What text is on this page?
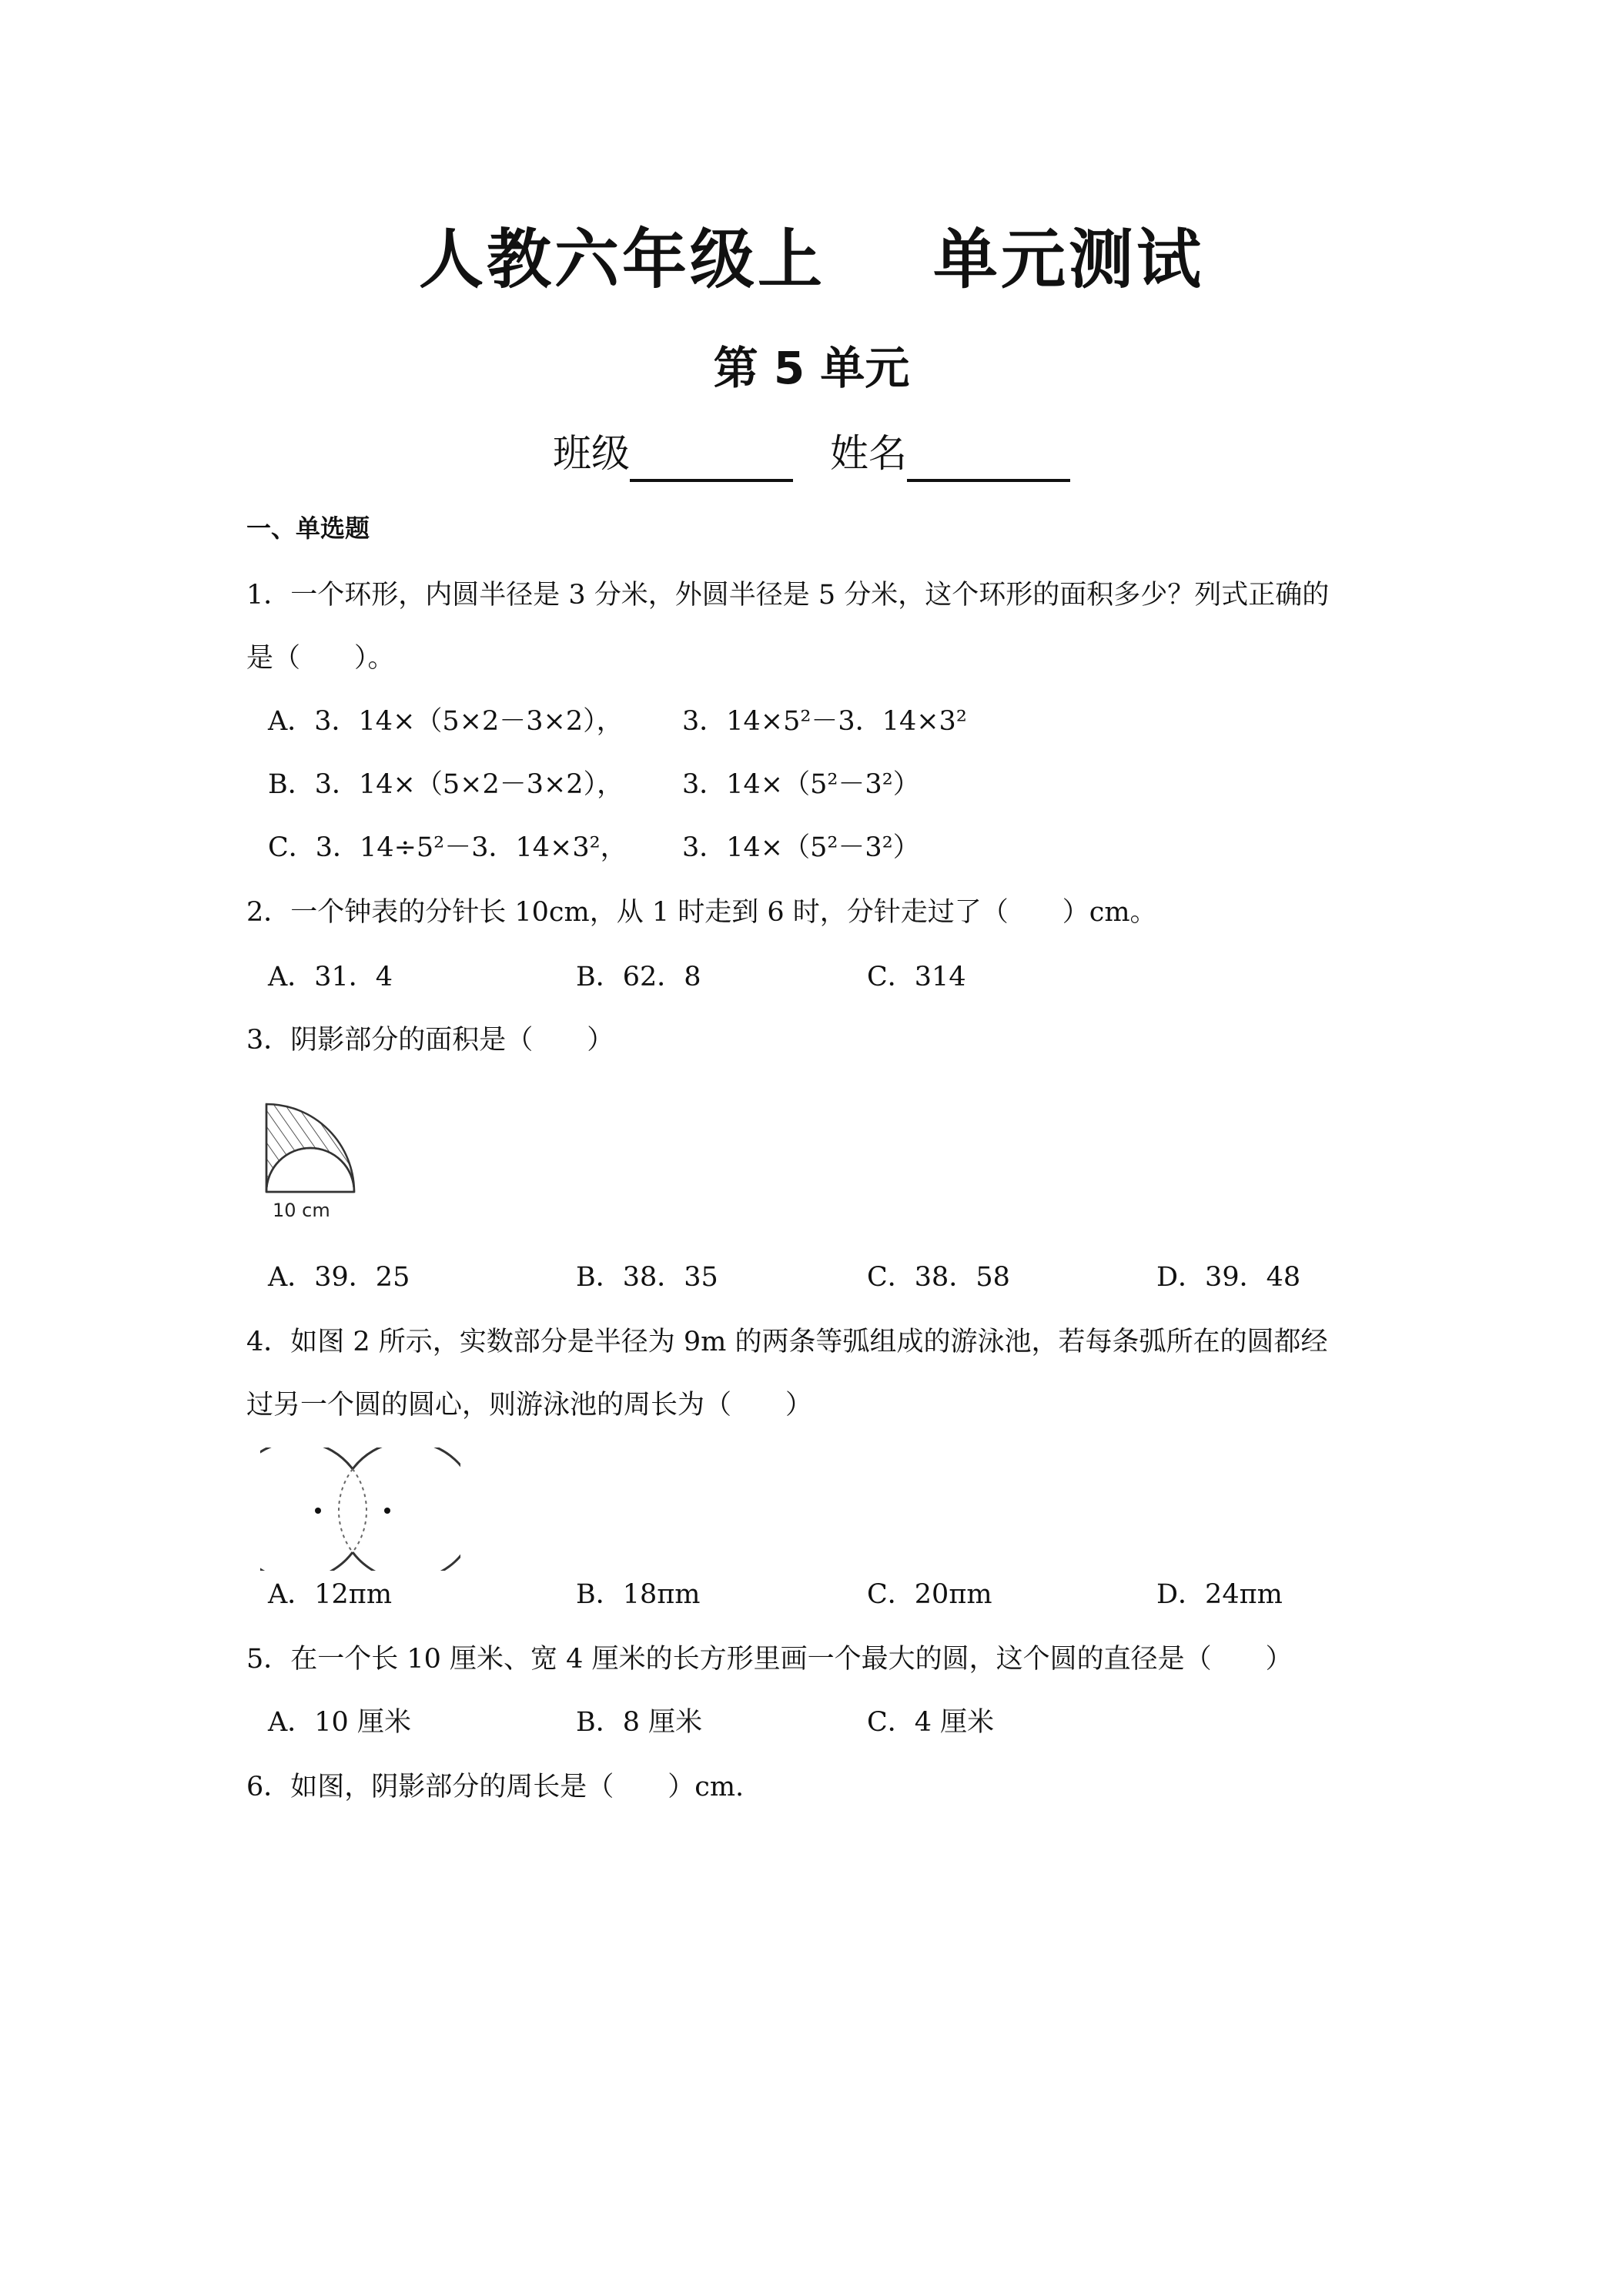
人教六年级上 单元测试
第 5 单元
班级	姓名
一、单选题
1．一个环形，内圆半径是 3 分米，外圆半径是 5 分米，这个环形的面积多少？列式正确的
是（　　）。
A．3．14×（5×2－3×2）， 3．14×5²－3．14×3²
B．3．14×（5×2－3×2）， 3．14×（5²－3²）
C．3．14÷5²－3．14×3²， 3．14×（5²－3²）
2．一个钟表的分针长 10cm，从 1 时走到 6 时，分针走过了（　　）cm。
A．31．4	B．62．8	C．314
3．阴影部分的面积是（　　）
10 cm
A．39．25	B．38．35	C．38．58	D．39．48
4．如图 2 所示，实数部分是半径为 9m 的两条等弧组成的游泳池，若每条弧所在的圆都经
过另一个圆的圆心，则游泳池的周长为（　　）
A．12πm	B．18πm	C．20πm	D．24πm
5．在一个长 10 厘米、宽 4 厘米的长方形里画一个最大的圆，这个圆的直径是（　　）
A．10 厘米	B．8 厘米	C．4 厘米
6．如图，阴影部分的周长是（　　）cm.
